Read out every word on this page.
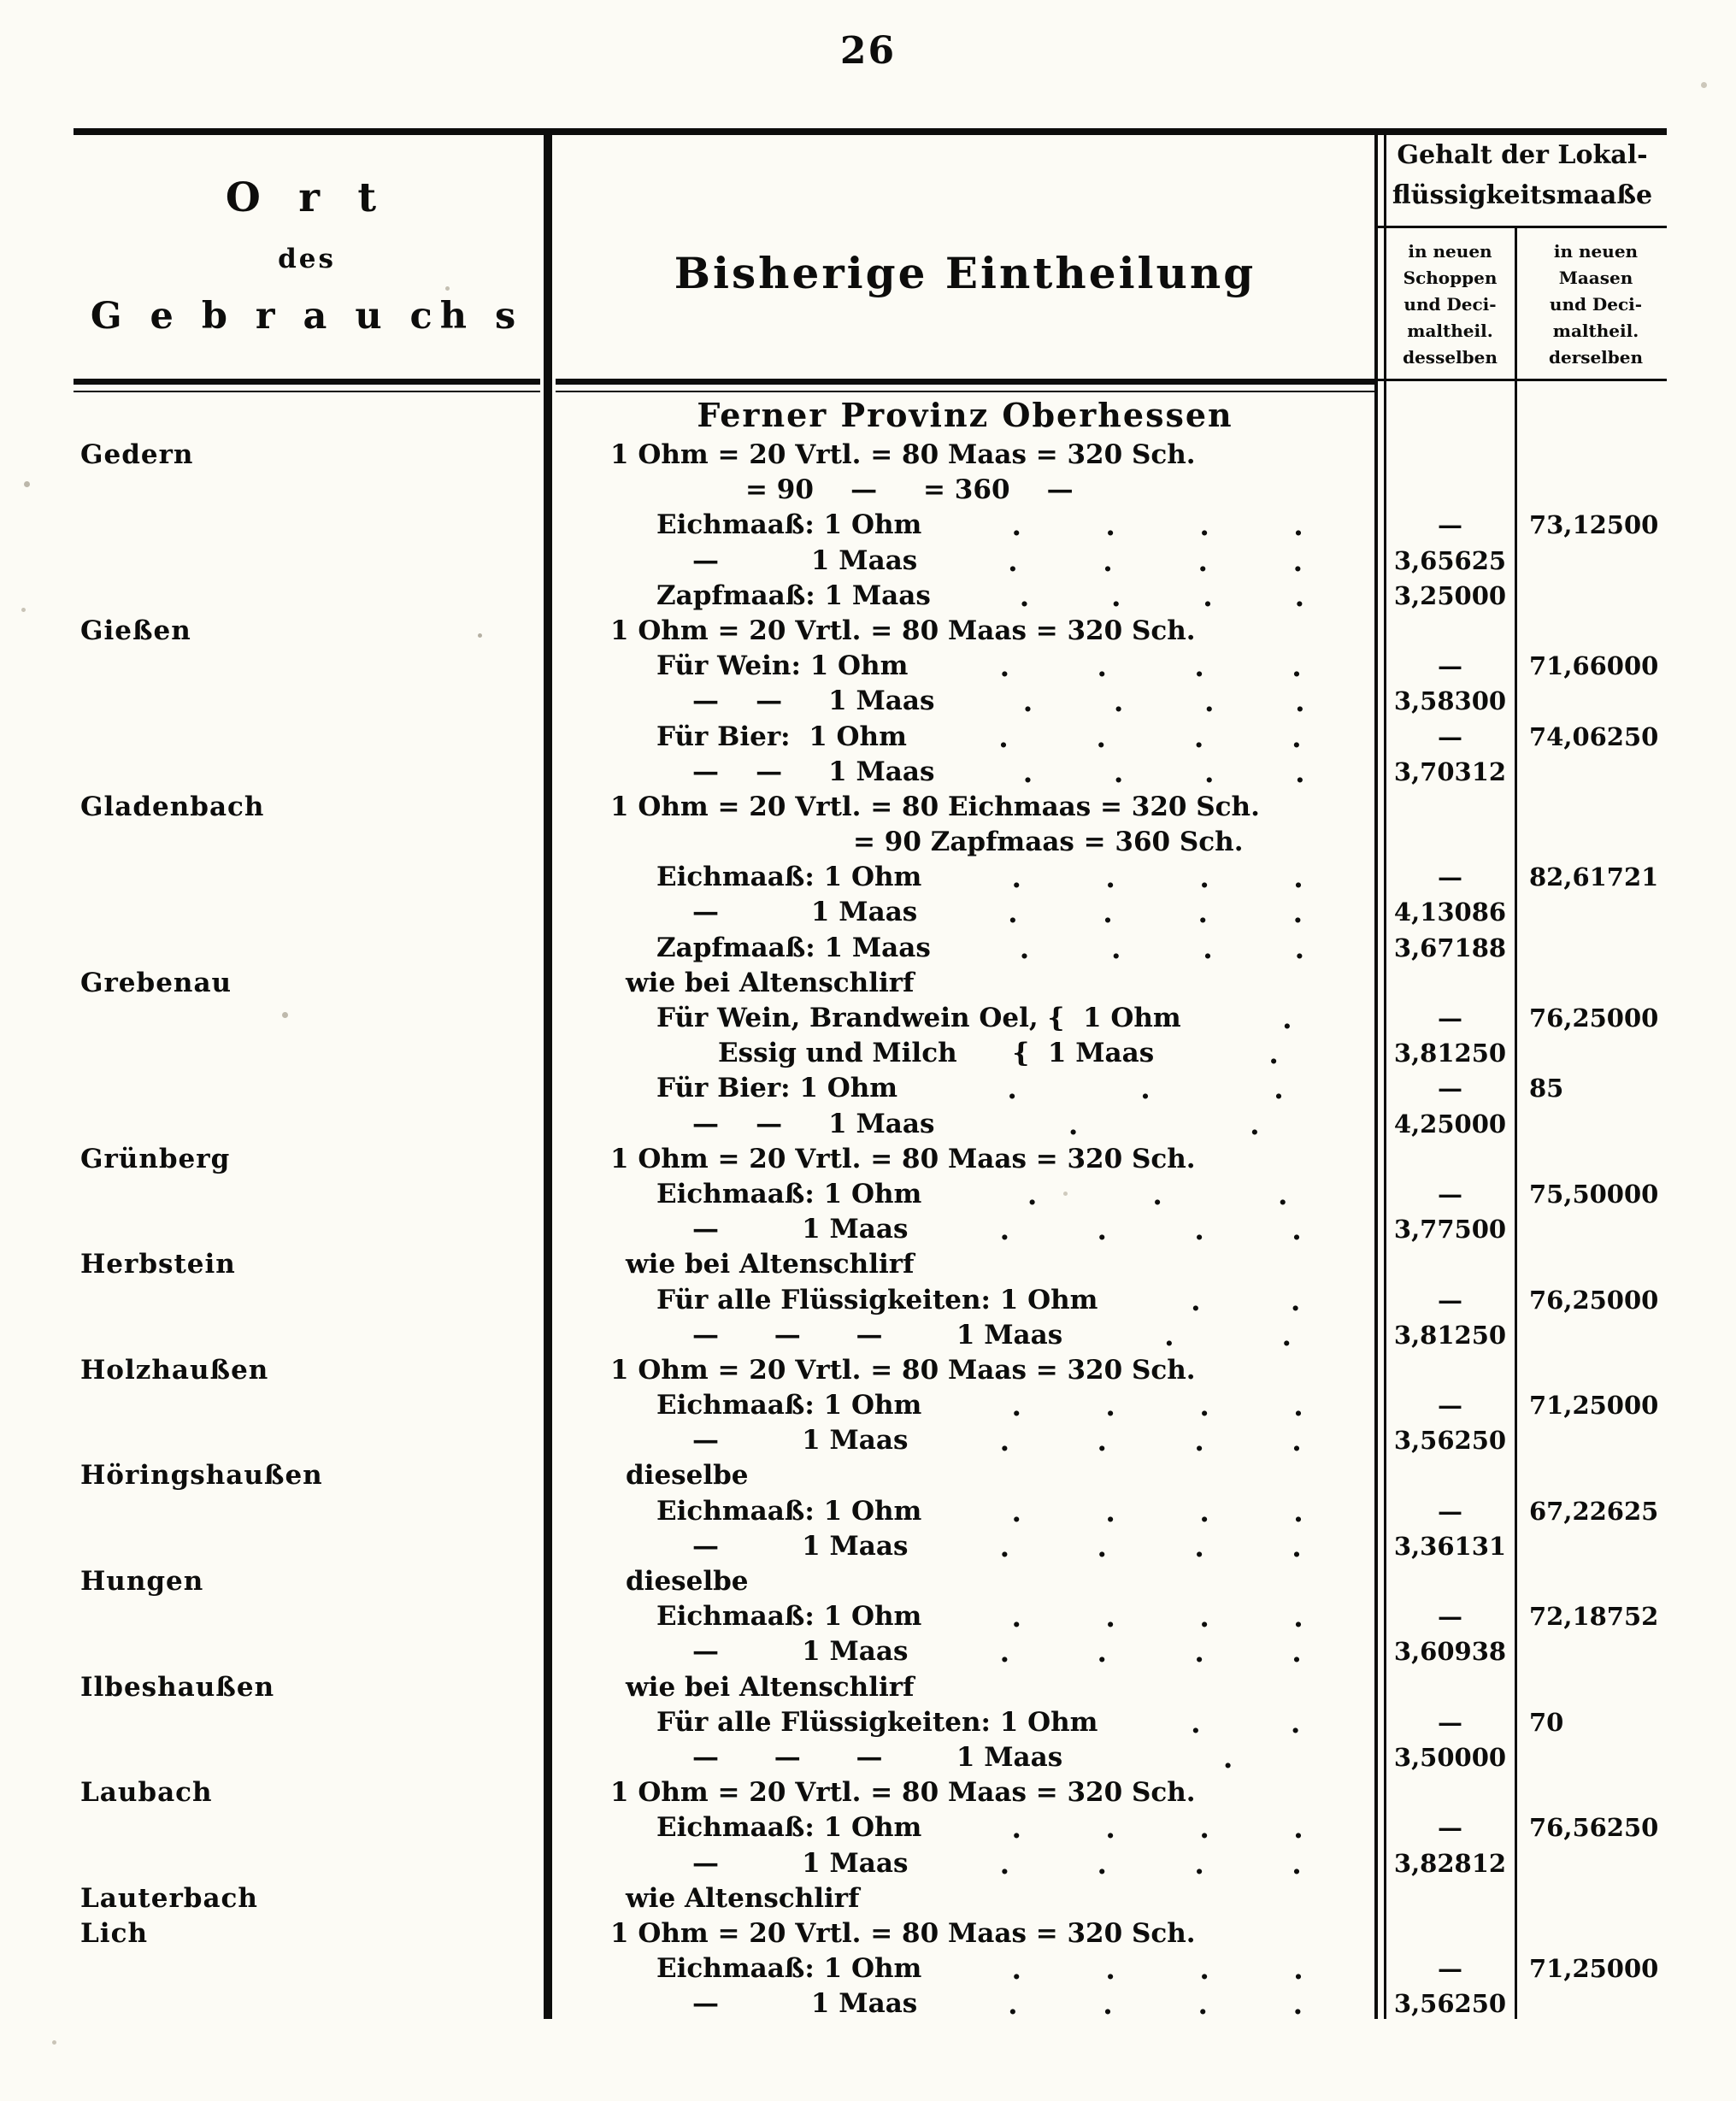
26
O r t
des
G e b r a u ch s
Bisherige Eintheilung
Gehalt der Lokal-
flüssigkeitsmaaße
in neuen
Schoppen
und Deci-
maltheil.
desselben
in neuen
Maasen
und Deci-
maltheil.
derselben
Ferner Provinz Oberhessen
Gedern	1 Ohm = 20 Vrtl. = 80 Maas = 320 Sch.
= 90    —     = 360    —
Eichmaaß: 1 Ohm	.	.	.	.	—	73,12500
—          1 Maas	.	.	.	.	3,65625
Zapfmaaß: 1 Maas	.	.	.	.	3,25000
Gießen	1 Ohm = 20 Vrtl. = 80 Maas = 320 Sch.
Für Wein: 1 Ohm	.	.	.	.	—	71,66000
—    —     1 Maas	.	.	.	.	3,58300
Für Bier:  1 Ohm	.	.	.	.	—	74,06250
—    —     1 Maas	.	.	.	.	3,70312
Gladenbach	1 Ohm = 20 Vrtl. = 80 Eichmaas = 320 Sch.
= 90 Zapfmaas = 360 Sch.
Eichmaaß: 1 Ohm	.	.	.	.	—	82,61721
—          1 Maas	.	.	.	.	4,13086
Zapfmaaß: 1 Maas	.	.	.	.	3,67188
Grebenau	wie bei Altenschlirf
Für Wein, Brandwein Oel, {  1 Ohm	.	—	76,25000
Essig und Milch      {  1 Maas	.	3,81250
Für Bier: 1 Ohm	.	.	.	—	85
—    —     1 Maas	.	.	4,25000
Grünberg	1 Ohm = 20 Vrtl. = 80 Maas = 320 Sch.
Eichmaaß: 1 Ohm	.	.	.	—	75,50000
—         1 Maas	.	.	.	.	3,77500
Herbstein	wie bei Altenschlirf
Für alle Flüssigkeiten: 1 Ohm	.	.	—	76,25000
—      —      —        1 Maas	.	.	3,81250
Holzhaußen	1 Ohm = 20 Vrtl. = 80 Maas = 320 Sch.
Eichmaaß: 1 Ohm	.	.	.	.	—	71,25000
—         1 Maas	.	.	.	.	3,56250
Höringshaußen	dieselbe
Eichmaaß: 1 Ohm	.	.	.	.	—	67,22625
—         1 Maas	.	.	.	.	3,36131
Hungen	dieselbe
Eichmaaß: 1 Ohm	.	.	.	.	—	72,18752
—         1 Maas	.	.	.	.	3,60938
Ilbeshaußen	wie bei Altenschlirf
Für alle Flüssigkeiten: 1 Ohm	.	.	—	70
—      —      —        1 Maas	.	3,50000
Laubach	1 Ohm = 20 Vrtl. = 80 Maas = 320 Sch.
Eichmaaß: 1 Ohm	.	.	.	.	—	76,56250
—         1 Maas	.	.	.	.	3,82812
Lauterbach	wie Altenschlirf
Lich	1 Ohm = 20 Vrtl. = 80 Maas = 320 Sch.
Eichmaaß: 1 Ohm	.	.	.	.	—	71,25000
—          1 Maas	.	.	.	.	3,56250
